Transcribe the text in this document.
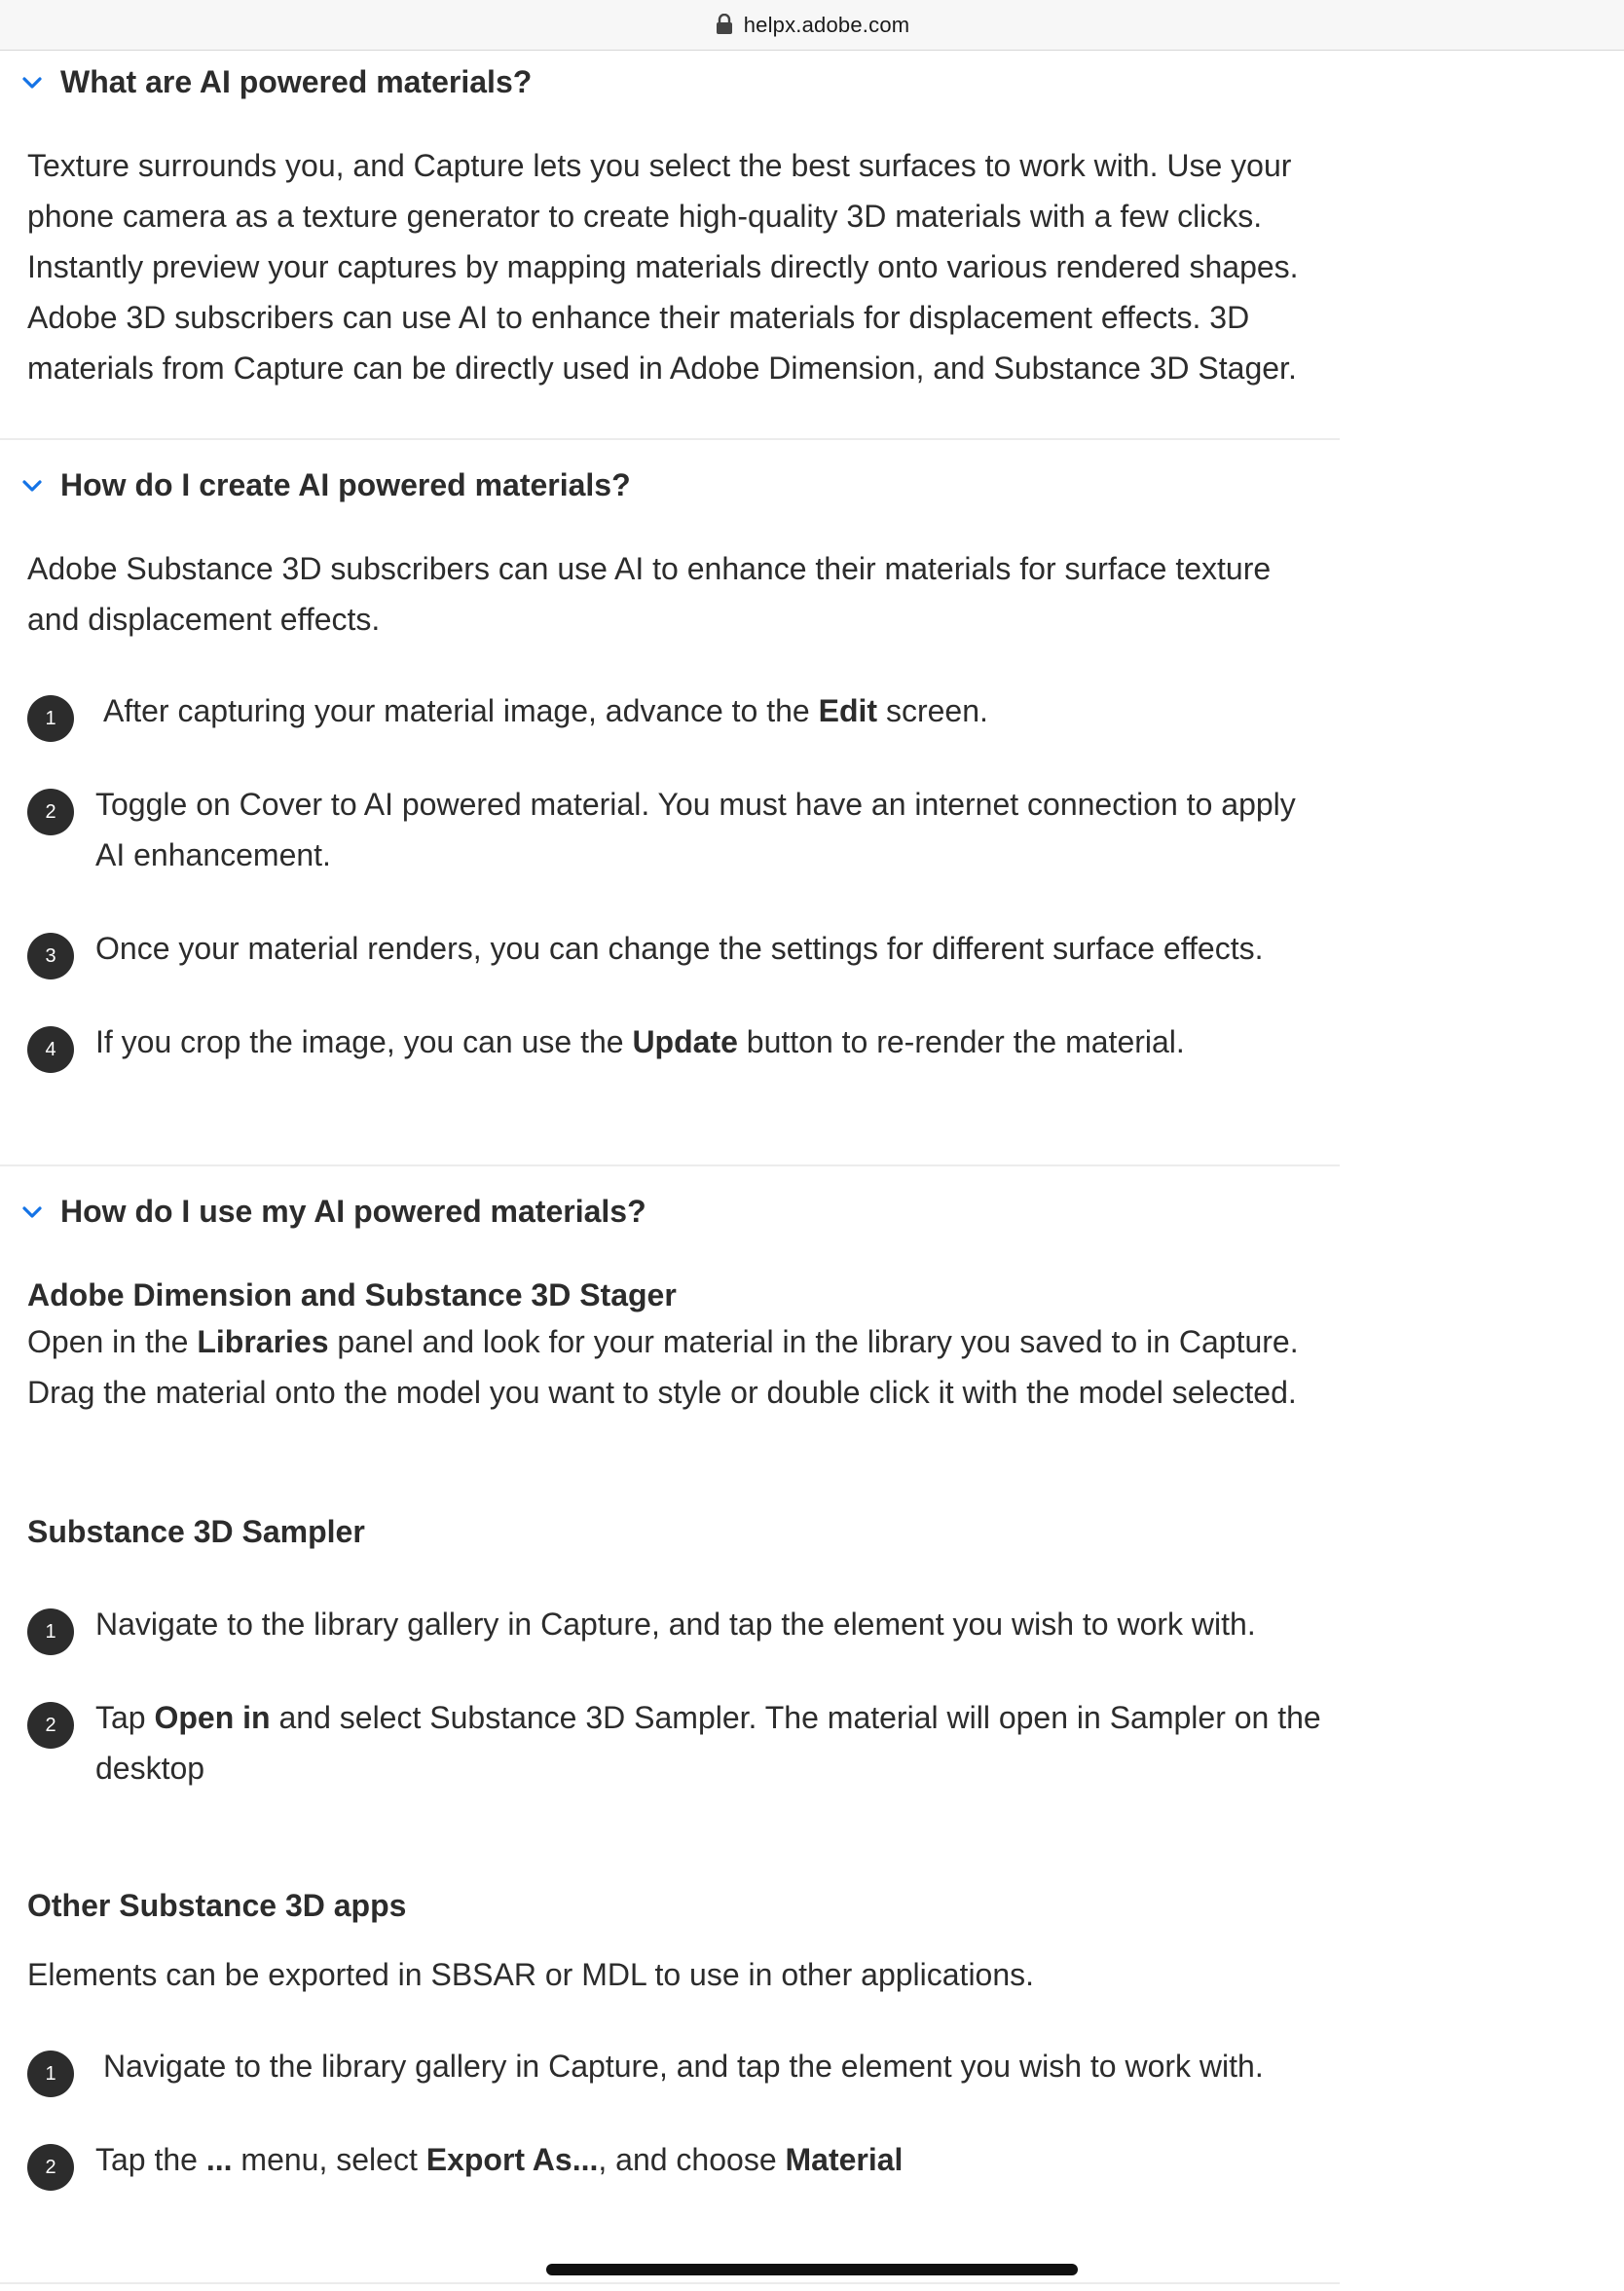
helpx.adobe.com
What are AI powered materials?
Texture surrounds you, and Capture lets you select the best surfaces to work with. Use your phone camera as a texture generator to create high-quality 3D materials with a few clicks. Instantly preview your captures by mapping materials directly onto various rendered shapes. Adobe 3D subscribers can use AI to enhance their materials for displacement effects. 3D materials from Capture can be directly used in Adobe Dimension, and Substance 3D Stager.
How do I create AI powered materials?
Adobe Substance 3D subscribers can use AI to enhance their materials for surface texture and displacement effects.
1	After capturing your material image, advance to the Edit screen.
2	Toggle on Cover to AI powered material. You must have an internet connection to apply AI enhancement.
3	Once your material renders, you can change the settings for different surface effects.
4	If you crop the image, you can use the Update button to re-render the material.
How do I use my AI powered materials?
Adobe Dimension and Substance 3D Stager
Open in the Libraries panel and look for your material in the library you saved to in Capture. Drag the material onto the model you want to style or double click it with the model selected.
Substance 3D Sampler
1	Navigate to the library gallery in Capture, and tap the element you wish to work with.
2	Tap Open in and select Substance 3D Sampler. The material will open in Sampler on the desktop
Other Substance 3D apps
Elements can be exported in SBSAR or MDL to use in other applications.
1	Navigate to the library gallery in Capture, and tap the element you wish to work with.
2	Tap the ... menu, select Export As..., and choose Material
